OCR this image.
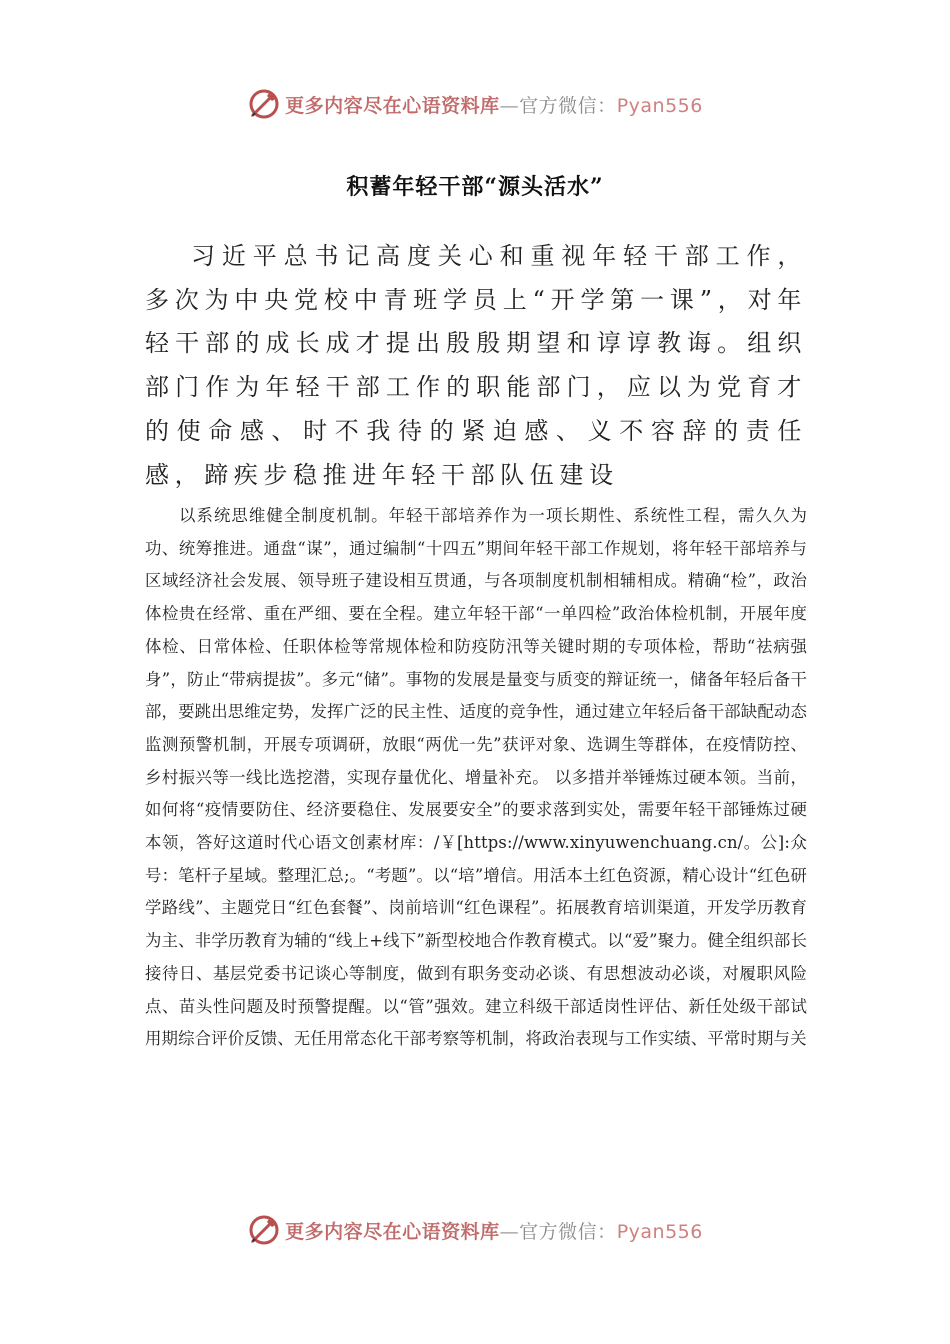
更多内容尽在心语资料库—官方微信：Pyan556
积蓄年轻干部“源头活水”

习近平总书记高度关心和重视年轻干部工作，多次为中央党校中青班学员上“开学第一课”，对年轻干部的成长成才提出殷殷期望和谆谆教诲。组织部门作为年轻干部工作的职能部门，应以为党育才的使命感、时不我待的紧迫感、义不容辞的责任感，蹄疾步稳推进年轻干部队伍建设

以系统思维健全制度机制。年轻干部培养作为一项长期性、系统性工程，需久久为功、统筹推进。通盘“谋”，通过编制“十四五”期间年轻干部工作规划，将年轻干部培养与区域经济社会发展、领导班子建设相互贯通，与各项制度机制相辅相成。精确“检”，政治体检贵在经常、重在严细、要在全程。建立年轻干部“一单四检”政治体检机制，开展年度体检、日常体检、任职体检等常规体检和防疫防汛等关键时期的专项体检，帮助“祛病强身”，防止“带病提拔”。多元“储”。事物的发展是量变与质变的辩证统一，储备年轻后备干部，要跳出思维定势，发挥广泛的民主性、适度的竞争性，通过建立年轻后备干部缺配动态监测预警机制，开展专项调研，放眼“两优一先”获评对象、选调生等群体，在疫情防控、乡村振兴等一线比选挖潜，实现存量优化、增量补充。 以多措并举锤炼过硬本领。当前，如何将“疫情要防住、经济要稳住、发展要安全”的要求落到实处，需要年轻干部锤炼过硬本领，答好这道时代心语文创素材库：/￥[https://www.xinyuwenchuang.cn/。公]:众号：笔杆子星域。整理汇总;。“考题”。以“培”增信。用活本土红色资源，精心设计“红色研学路线”、主题党日“红色套餐”、岗前培训“红色课程”。拓展教育培训渠道，开发学历教育为主、非学历教育为辅的“线上+线下”新型校地合作教育模式。以“爱”聚力。健全组织部长接待日、基层党委书记谈心等制度，做到有职务变动必谈、有思想波动必谈，对履职风险点、苗头性问题及时预警提醒。以“管”强效。建立科级干部适岗性评估、新任处级干部试用期综合评价反馈、无任用常态化干部考察等机制，将政治表现与工作实绩、平常时期与关

更多内容尽在心语资料库—官方微信：Pyan556
